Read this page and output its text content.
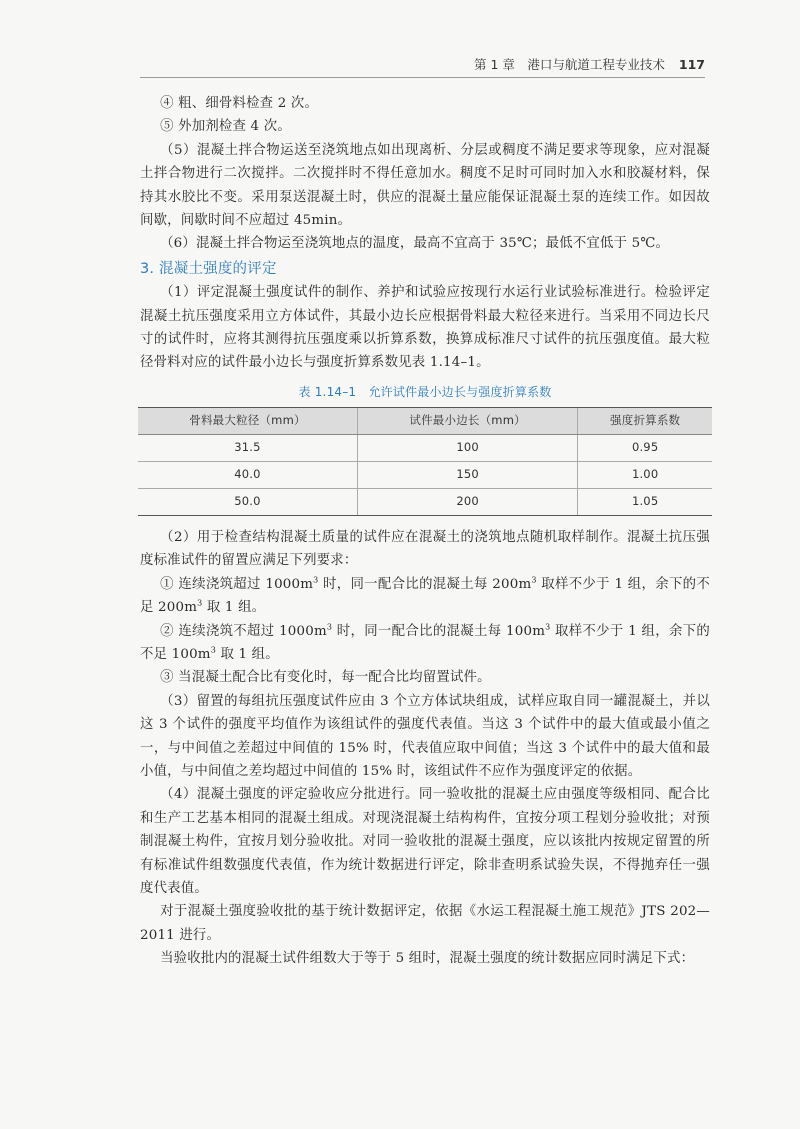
第 1 章　港口与航道工程专业技术 117

④ 粗、细骨料检查 2 次。

⑤ 外加剂检查 4 次。

（5）混凝土拌合物运送至浇筑地点如出现离析、分层或稠度不满足要求等现象，应对混凝土拌合物进行二次搅拌。二次搅拌时不得任意加水。稠度不足时可同时加入水和胶凝材料，保持其水胶比不变。采用泵送混凝土时，供应的混凝土量应能保证混凝土泵的连续工作。如因故间歇，间歇时间不应超过 45min。

（6）混凝土拌合物运至浇筑地点的温度，最高不宜高于 35℃；最低不宜低于 5℃。

3. 混凝土强度的评定

（1）评定混凝土强度试件的制作、养护和试验应按现行水运行业试验标准进行。检验评定混凝土抗压强度采用立方体试件，其最小边长应根据骨料最大粒径来进行。当采用不同边长尺寸的试件时，应将其测得抗压强度乘以折算系数，换算成标准尺寸试件的抗压强度值。最大粒径骨料对应的试件最小边长与强度折算系数见表 1.14–1。

表 1.14–1　允许试件最小边长与强度折算系数
骨料最大粒径（mm）	试件最小边长（mm）	强度折算系数
31.5	100	0.95
40.0	150	1.00
50.0	200	1.05

（2）用于检查结构混凝土质量的试件应在混凝土的浇筑地点随机取样制作。混凝土抗压强度标准试件的留置应满足下列要求：

① 连续浇筑超过 $1000m^3$ 时，同一配合比的混凝土每 $200m^3$ 取样不少于 1 组，余下的不足 $200m^3$ 取 1 组。

② 连续浇筑不超过 $1000m^3$ 时，同一配合比的混凝土每 $100m^3$ 取样不少于 1 组，余下的不足 $100m^3$ 取 1 组。

③ 当混凝土配合比有变化时，每一配合比均留置试件。

（3）留置的每组抗压强度试件应由 3 个立方体试块组成，试样应取自同一罐混凝土，并以这 3 个试件的强度平均值作为该组试件的强度代表值。当这 3 个试件中的最大值或最小值之一，与中间值之差超过中间值的 15% 时，代表值应取中间值；当这 3 个试件中的最大值和最小值，与中间值之差均超过中间值的 15% 时，该组试件不应作为强度评定的依据。

（4）混凝土强度的评定验收应分批进行。同一验收批的混凝土应由强度等级相同、配合比和生产工艺基本相同的混凝土组成。对现浇混凝土结构构件，宜按分项工程划分验收批；对预制混凝土构件，宜按月划分验收批。对同一验收批的混凝土强度，应以该批内按规定留置的所有标准试件组数强度代表值，作为统计数据进行评定，除非查明系试验失误，不得抛弃任一强度代表值。

对于混凝土强度验收批的基于统计数据评定，依据《水运工程混凝土施工规范》JTS 202—2011 进行。

当验收批内的混凝土试件组数大于等于 5 组时，混凝土强度的统计数据应同时满足下式：
